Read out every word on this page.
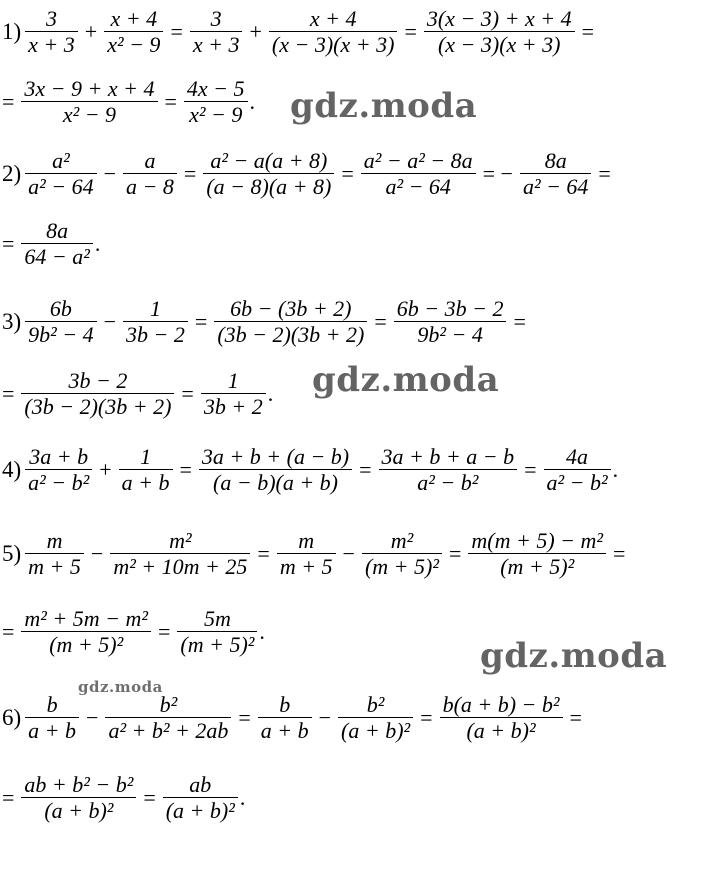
$1) \frac{3}{x + 3} + \frac{x + 4}{\text{x² − 9}} = \frac{3}{x + 3} + \frac{x + 4}{(x - 3)(x + 3)} = \frac{3(x - 3) + x + 4}{(x - 3)(x + 3)}$ =
= $\frac{3x - 9 + x + 4}{\text{x² − 9}} = \frac{4x - 5}{\text{x² − 9}}$ .
$2) \frac{\text{a²}}{\text{a² − 64}} - \frac{a}{a - 8} = \frac{\text{a² − a(a + 8)}}{(a - 8)(a + 8)} = \frac{\text{a² − a² − 8a}}{\text{a² − 64}}$ = − $\frac{8a}{\text{a² − 64}}$ =
= $\frac{8a}{\text{64 − a²}}$ .
$3) \frac{6b}{\text{9b² − 4}} - \frac{1}{3b - 2} = \frac{6b - (3b + 2)}{(3b - 2)(3b + 2)} = \frac{6b - 3b - 2}{\text{9b² − 4}}$ =
= $\frac{3b - 2}{(3b - 2)(3b + 2)} = \frac{1}{3b + 2}$ .
$4) \frac{3a + b}{\text{a² − b²}} + \frac{1}{a + b} = \frac{3a + b + (a - b)}{(a - b)(a + b)} = \frac{3a + b + a - b}{\text{a² − b²}} = \frac{4a}{\text{a² − b²}}$ .
$5) \frac{m}{m + 5} - \frac{\text{m²}}{\text{m² + 10m + 25}} = \frac{m}{m + 5} - \frac{\text{m²}}{\text{(m + 5)²}} = \frac{\text{m(m + 5) − m²}}{\text{(m + 5)²}}$ =
= $\frac{\text{m² + 5m − m²}}{\text{(m + 5)²}} = \frac{5m}{\text{(m + 5)²}}$ .
$6) \frac{b}{a + b} - \frac{\text{b²}}{\text{a² + b² + 2ab}} = \frac{b}{a + b} - \frac{\text{b²}}{\text{(a + b)²}} = \frac{\text{b(a + b) − b²}}{\text{(a + b)²}}$ =
= $\frac{\text{ab + b² − b²}}{\text{(a + b)²}} = \frac{ab}{\text{(a + b)²}}$ .
gdz.moda
gdz.moda
gdz.moda
gdz.moda
